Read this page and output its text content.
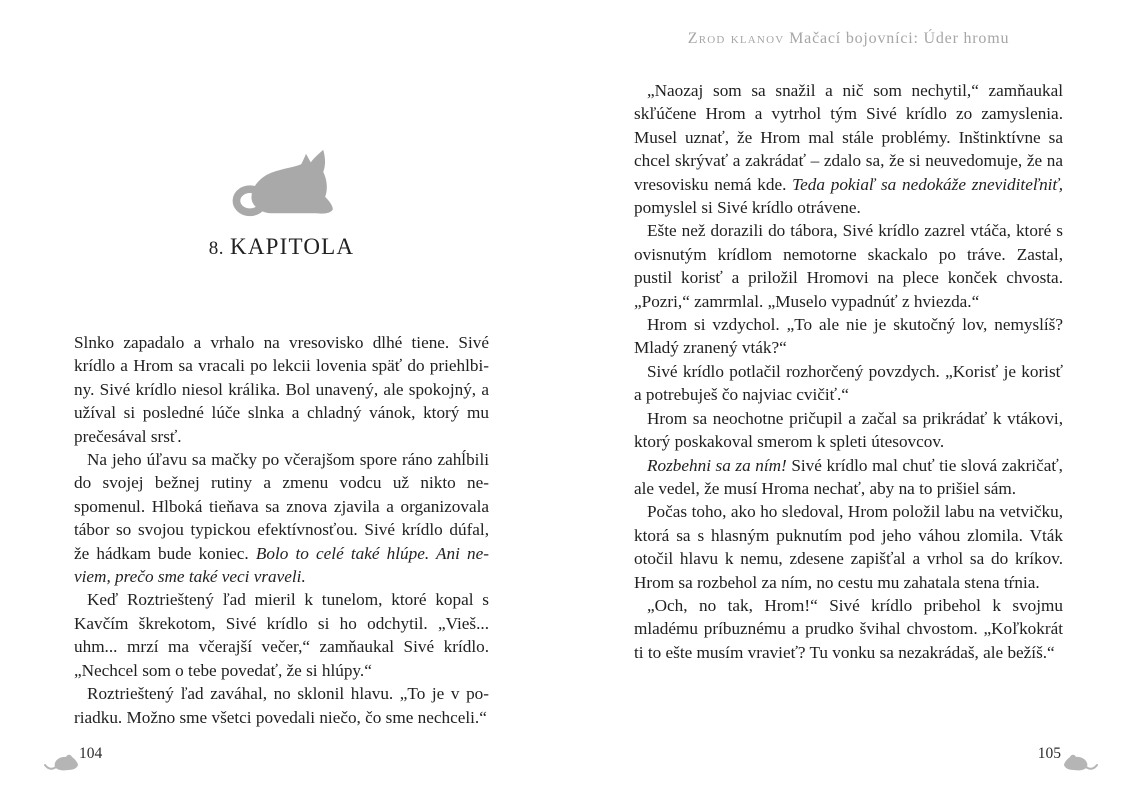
8. KAPITOLA

Slnko zapadalo a vrhalo na vresovisko dlhé tiene. Sivé krídlo a Hrom sa vracali po lekcii lovenia späť do priehlbiny. Sivé krídlo niesol králika. Bol unavený, ale spokojný, a užíval si posledné lúče slnka a chladný vánok, ktorý mu prečesával srsť.

Na jeho úľavu sa mačky po včerajšom spore ráno zahĺbili do svojej bežnej rutiny a zmenu vodcu už nikto nespomenul. Hlboká tieňava sa znova zjavila a organizovala tábor so svojou typickou efektívnosťou. Sivé krídlo dúfal, že hádkam bude koniec. Bolo to celé také hlúpe. Ani neviem, prečo sme také veci vraveli.

Keď Roztrieštený ľad mieril k tunelom, ktoré kopal s Kavčím škrekotom, Sivé krídlo si ho odchytil. „Vieš... uhm... mrzí ma včerajší večer,“ zamňaukal Sivé krídlo. „Nechcel som o tebe povedať, že si hlúpy.“

Roztrieštený ľad zaváhal, no sklonil hlavu. „To je v poriadku. Možno sme všetci povedali niečo, čo sme nechceli.“

104
Zrod klanov Mačací bojovníci: Úder hromu

„Naozaj som sa snažil a nič som nechytil,“ zamňaukal skľúčene Hrom a vytrhol tým Sivé krídlo zo zamyslenia. Musel uznať, že Hrom mal stále problémy. Inštinktívne sa chcel skrývať a zakrádať – zdalo sa, že si neuvedomuje, že na vresovisku nemá kde. Teda pokiaľ sa nedokáže zneviditeľniť, pomyslel si Sivé krídlo otrávene.

Ešte než dorazili do tábora, Sivé krídlo zazrel vtáča, ktoré s ovisnutým krídlom nemotorne skackalo po tráve. Zastal, pustil korisť a priložil Hromovi na plece konček chvosta. „Pozri,“ zamrmlal. „Muselo vypadnúť z hviezda.“

Hrom si vzdychol. „To ale nie je skutočný lov, nemyslíš? Mladý zranený vták?“

Sivé krídlo potlačil rozhorčený povzdych. „Korisť je korisť a potrebuješ čo najviac cvičiť.“

Hrom sa neochotne pričupil a začal sa prikrádať k vtákovi, ktorý poskakoval smerom k spleti útesovcov.

Rozbehni sa za ním! Sivé krídlo mal chuť tie slová zakričať, ale vedel, že musí Hroma nechať, aby na to prišiel sám.

Počas toho, ako ho sledoval, Hrom položil labu na vetvičku, ktorá sa s hlasným puknutím pod jeho váhou zlomila. Vták otočil hlavu k nemu, zdesene zapišťal a vrhol sa do kríkov. Hrom sa rozbehol za ním, no cestu mu zahatala stena tŕnia.

„Och, no tak, Hrom!“ Sivé krídlo pribehol k svojmu mladému príbuznému a prudko švihal chvostom. „Koľkokrát ti to ešte musím vravieť? Tu vonku sa nezakrádaš, ale bežíš.“

105
